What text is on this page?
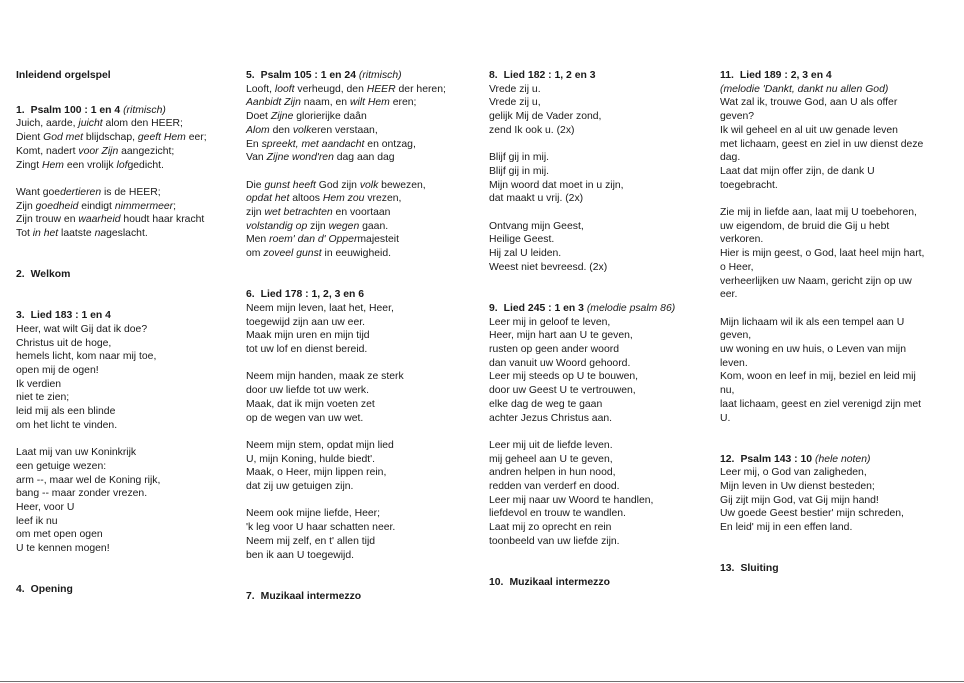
Inleidend orgelspel
1. Psalm 100 : 1 en 4 (ritmisch)
Juich, aarde, juicht alom den HEER;
Dient God met blijdschap, geeft Hem eer;
Komt, nadert voor Zijn aangezicht;
Zingt Hem een vrolijk lofgedicht.
Want goedertieren is de HEER;
Zijn goedheid eindigt nimmermeer;
Zijn trouw en waarheid houdt haar kracht
Tot in het laatste nageslacht.
2. Welkom
3. Lied 183 : 1 en 4
Heer, wat wilt Gij dat ik doe?
Christus uit de hoge,
hemels licht, kom naar mij toe,
open mij de ogen!
Ik verdien
niet te zien;
leid mij als een blinde
om het licht te vinden.
Laat mij van uw Koninkrijk
een getuige wezen:
arm --, maar wel de Koning rijk,
bang -- maar zonder vrezen.
Heer, voor U
leef ik nu
om met open ogen
U te kennen mogen!
4. Opening
5. Psalm 105 : 1 en 24 (ritmisch)
Looft, looft verheugd, den HEER der heren;
Aanbidt Zijn naam, en wilt Hem eren;
Doet Zijne glorierijke daân
Alom den volkeren verstaan,
En spreekt, met aandacht en ontzag,
Van Zijne wond'ren dag aan dag
Die gunst heeft God zijn volk bewezen,
opdat het altoos Hem zou vrezen,
zijn wet betrachten en voortaan
volstandig op zijn wegen gaan.
Men roem' dan d' Oppermajesteit
om zoveel gunst in eeuwigheid.
6. Lied 178 : 1, 2, 3 en 6
Neem mijn leven, laat het, Heer,
toegewijd zijn aan uw eer.
Maak mijn uren en mijn tijd
tot uw lof en dienst bereid.
Neem mijn handen, maak ze sterk
door uw liefde tot uw werk.
Maak, dat ik mijn voeten zet
op de wegen van uw wet.
Neem mijn stem, opdat mijn lied
U, mijn Koning, hulde biedt'.
Maak, o Heer, mijn lippen rein,
dat zij uw getuigen zijn.
Neem ook mijne liefde, Heer;
'k leg voor U haar schatten neer.
Neem mij zelf, en t' allen tijd
ben ik aan U toegewijd.
7. Muzikaal intermezzo
8. Lied 182 : 1, 2 en 3
Vrede zij u.
Vrede zij u,
gelijk Mij de Vader zond,
zend Ik ook u. (2x)
Blijf gij in mij.
Blijf gij in mij.
Mijn woord dat moet in u zijn,
dat maakt u vrij. (2x)
Ontvang mijn Geest,
Heilige Geest.
Hij zal U leiden.
Weest niet bevreesd. (2x)
9. Lied 245 : 1 en 3 (melodie psalm 86)
Leer mij in geloof te leven,
Heer, mijn hart aan U te geven,
rusten op geen ander woord
dan vanuit uw Woord gehoord.
Leer mij steeds op U te bouwen,
door uw Geest U te vertrouwen,
elke dag de weg te gaan
achter Jezus Christus aan.
Leer mij uit de liefde leven.
mij geheel aan U te geven,
andren helpen in hun nood,
redden van verderf en dood.
Leer mij naar uw Woord te handlen,
liefdevol en trouw te wandlen.
Laat mij zo oprecht en rein
toonbeeld van uw liefde zijn.
10. Muzikaal intermezzo
11. Lied 189 : 2, 3 en 4
(melodie 'Dankt, dankt nu allen God)
Wat zal ik, trouwe God, aan U als offer
geven?
Ik wil geheel en al uit uw genade leven
met lichaam, geest en ziel in uw dienst deze
dag.
Laat dat mijn offer zijn, de dank U
toegebracht.
Zie mij in liefde aan, laat mij U toebehoren,
uw eigendom, de bruid die Gij u hebt
verkoren.
Hier is mijn geest, o God, laat heel mijn hart,
o Heer,
verheerlijken uw Naam, gericht zijn op uw
eer.
Mijn lichaam wil ik als een tempel aan U
geven,
uw woning en uw huis, o Leven van mijn
leven.
Kom, woon en leef in mij, beziel en leid mij
nu,
laat lichaam, geest en ziel verenigd zijn met
U.
12. Psalm 143 : 10 (hele noten)
Leer mij, o God van zaligheden,
Mijn leven in Uw dienst besteden;
Gij zijt mijn God, vat Gij mijn hand!
Uw goede Geest bestier' mijn schreden,
En leid' mij in een effen land.
13. Sluiting
